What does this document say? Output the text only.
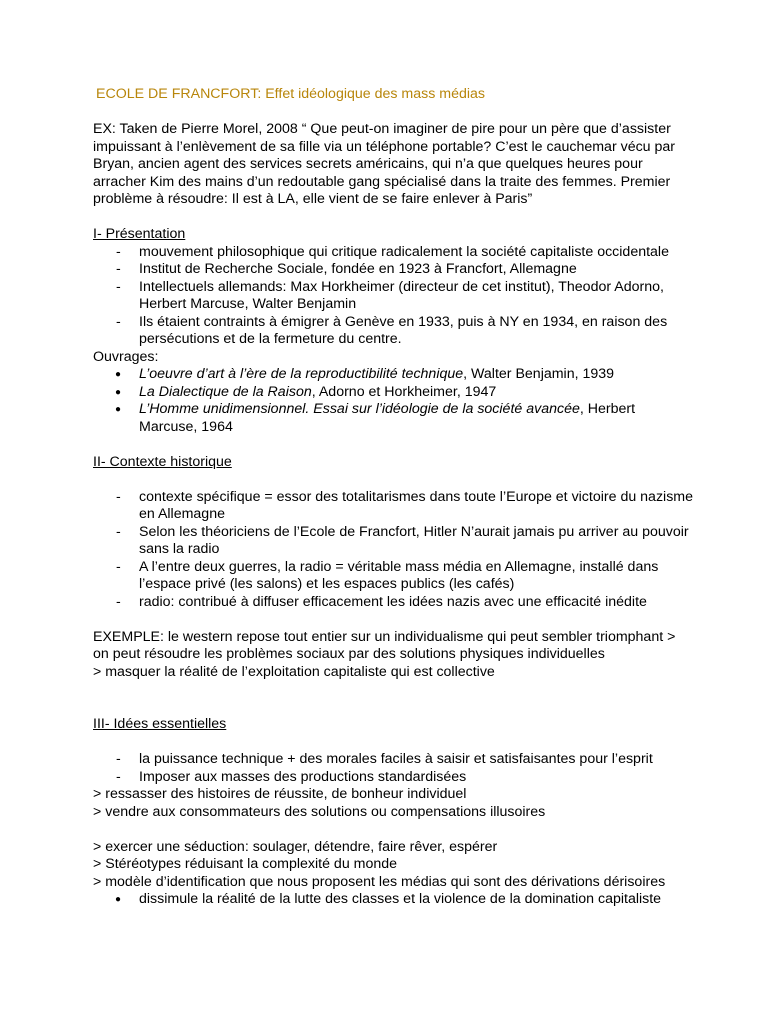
ECOLE DE FRANCFORT: Effet idéologique des mass médias

EX: Taken de Pierre Morel, 2008 “ Que peut-on imaginer de pire pour un père que d’assister impuissant à l’enlèvement de sa fille via un téléphone portable? C’est le cauchemar vécu par Bryan, ancien agent des services secrets américains, qui n’a que quelques heures pour arracher Kim des mains d’un redoutable gang spécialisé dans la traite des femmes. Premier problème à résoudre: Il est à LA, elle vient de se faire enlever à Paris”

I- Présentation

- mouvement philosophique qui critique radicalement la société capitaliste occidentale
- Institut de Recherche Sociale, fondée en 1923 à Francfort, Allemagne
- Intellectuels allemands: Max Horkheimer (directeur de cet institut), Theodor Adorno, Herbert Marcuse, Walter Benjamin
- Ils étaient contraints à émigrer à Genève en 1933, puis à NY en 1934, en raison des persécutions et de la fermeture du centre.

Ouvrages:

● L’oeuvre d’art à l’ère de la reproductibilité technique, Walter Benjamin, 1939
● La Dialectique de la Raison, Adorno et Horkheimer, 1947
● L’Homme unidimensionnel. Essai sur l’idéologie de la société avancée, Herbert Marcuse, 1964

II- Contexte historique

- contexte spécifique = essor des totalitarismes dans toute l’Europe et victoire du nazisme en Allemagne
- Selon les théoriciens de l’Ecole de Francfort, Hitler N’aurait jamais pu arriver au pouvoir sans la radio
- A l’entre deux guerres, la radio = véritable mass média en Allemagne, installé dans l’espace privé (les salons) et les espaces publics (les cafés)
- radio: contribué à diffuser efficacement les idées nazis avec une efficacité inédite

EXEMPLE: le western repose tout entier sur un individualisme qui peut sembler triomphant > on peut résoudre les problèmes sociaux par des solutions physiques individuelles

> masquer la réalité de l’exploitation capitaliste qui est collective

III- Idées essentielles

- la puissance technique + des morales faciles à saisir et satisfaisantes pour l’esprit
- Imposer aux masses des productions standardisées

> ressasser des histoires de réussite, de bonheur individuel

> vendre aux consommateurs des solutions ou compensations illusoires

> exercer une séduction: soulager, détendre, faire rêver, espérer

> Stéréotypes réduisant la complexité du monde

> modèle d’identification que nous proposent les médias qui sont des dérivations dérisoires

● dissimule la réalité de la lutte des classes et la violence de la domination capitaliste
